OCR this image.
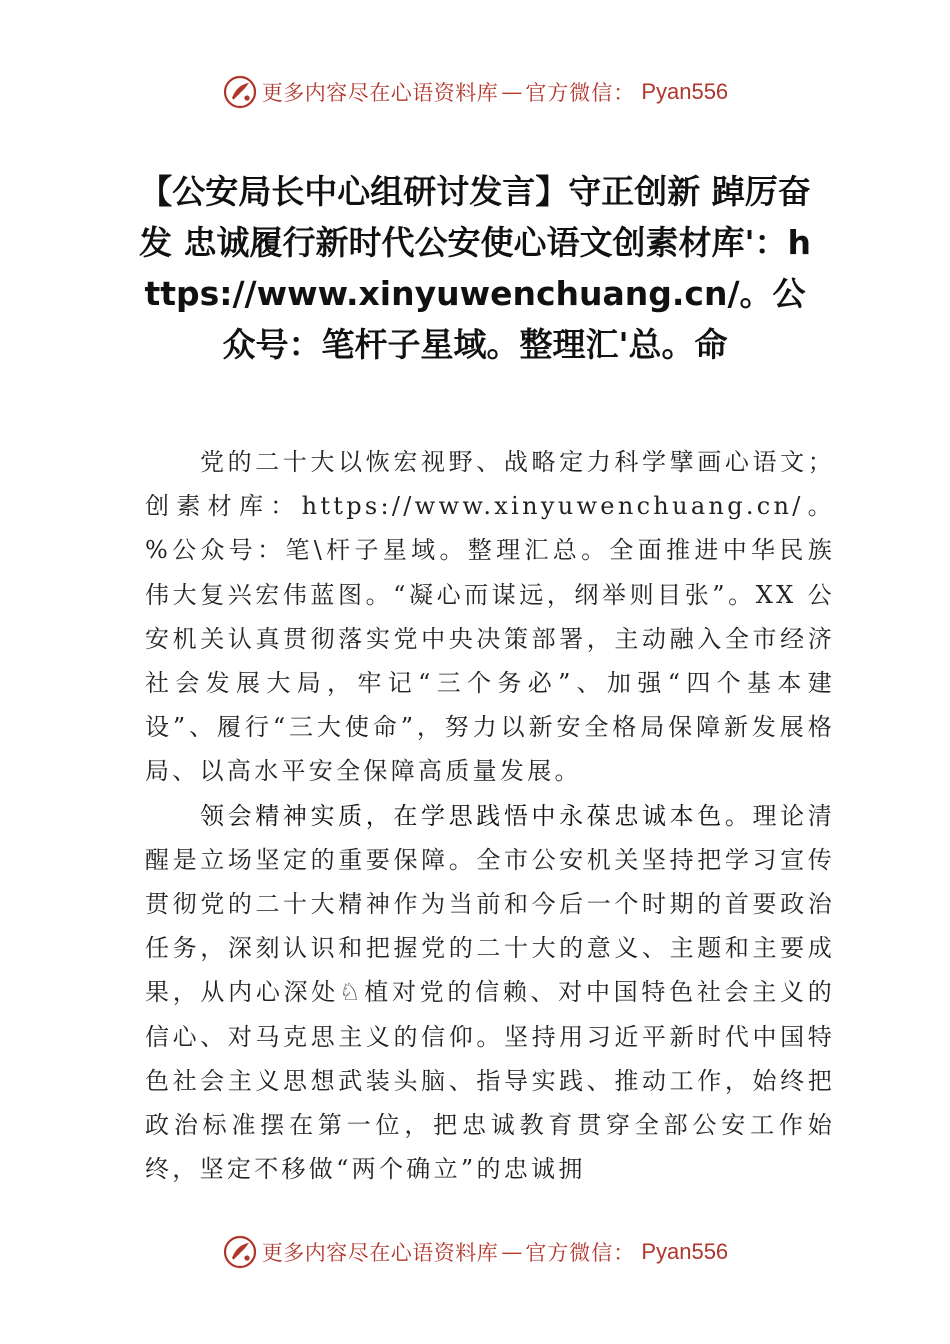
更多内容尽在心语资料库 — 官方微信： Pyan556
【公安局长中心组研讨发言】守正创新 踔厉奋发 忠诚履行新时代公安使心语文创素材库'：https://www.xinyuwenchuang.cn/。公众号：笔杆子星域。整理汇'总。命

党的二十大以恢宏视野、战略定力科学擘画心语文；创素材库：https://www.xinyuwenchuang.cn/。%公众号：笔\杆子星域。整理汇总。全面推进中华民族伟大复兴宏伟蓝图。“凝心而谋远，纲举则目张”。XX 公安机关认真贯彻落实党中央决策部署，主动融入全市经济社会发展大局，牢记“三个务必”、加强“四个基本建设”、履行“三大使命”，努力以新安全格局保障新发展格局、以高水平安全保障高质量发展。

领会精神实质，在学思践悟中永葆忠诚本色。理论清醒是立场坚定的重要保障。全市公安机关坚持把学习宣传贯彻党的二十大精神作为当前和今后一个时期的首要政治任务，深刻认识和把握党的二十大的意义、主题和主要成果，从内心深处♘植对党的信赖、对中国特色社会主义的信心、对马克思主义的信仰。坚持用习近平新时代中国特色社会主义思想武装头脑、指导实践、推动工作，始终把政治标准摆在第一位，把忠诚教育贯穿全部公安工作始终，坚定不移做“两个确立”的忠诚拥

更多内容尽在心语资料库 — 官方微信： Pyan556
